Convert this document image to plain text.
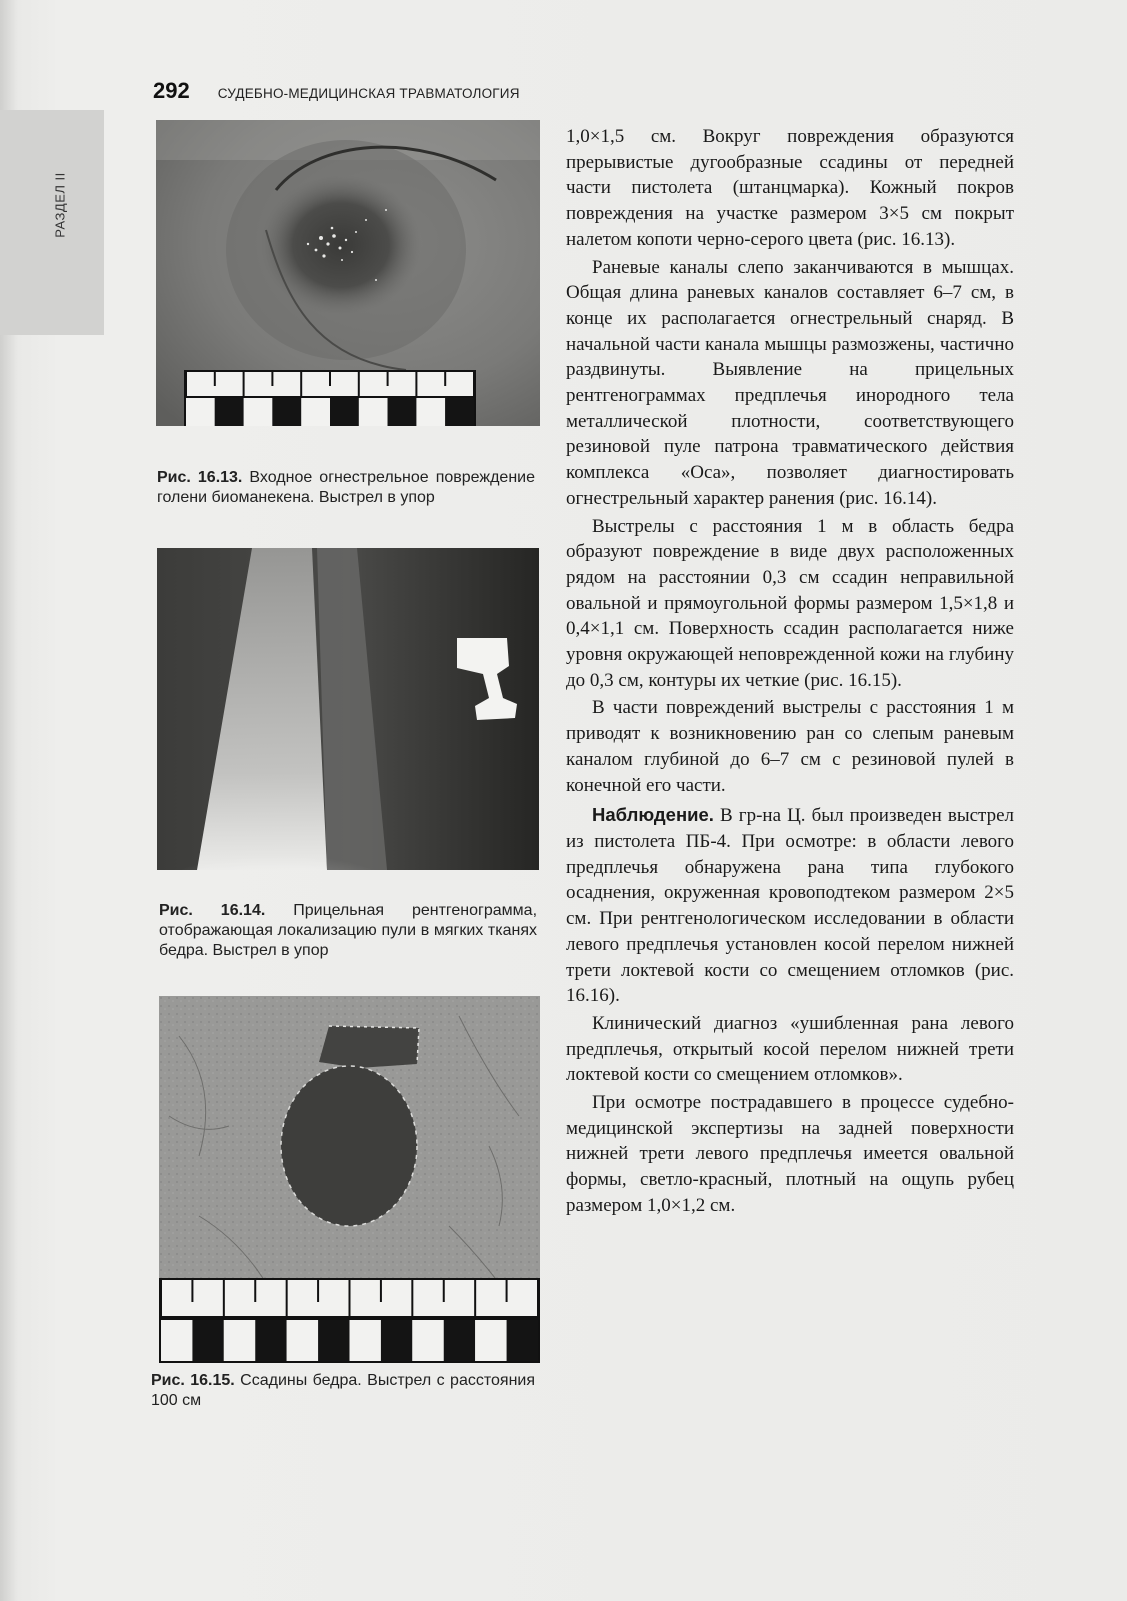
РАЗДЕЛ II
292 СУДЕБНО-МЕДИЦИНСКАЯ ТРАВМАТОЛОГИЯ
Рис. 16.13. Входное огнестрельное повреждение голени биоманекена. Выстрел в упор
Рис. 16.14. Прицельная рентгенограмма, отображающая локализацию пули в мягких тканях бедра. Выстрел в упор
Рис. 16.15. Ссадины бедра. Выстрел с расстояния 100 см

1,0×1,5 см. Вокруг повреждения образуются прерывистые дугообразные ссадины от передней части пистолета (штанцмарка). Кожный покров повреждения на участке размером 3×5 см покрыт налетом копоти черно-серого цвета (рис. 16.13).

Раневые каналы слепо заканчиваются в мышцах. Общая длина раневых каналов составляет 6–7 см, в конце их располагается огнестрельный снаряд. В начальной части канала мышцы размозжены, частично раздвинуты. Выявление на прицельных рентгенограммах предплечья инородного тела металлической плотности, соответствующего резиновой пуле патрона травматического действия комплекса «Оса», позволяет диагностировать огнестрельный характер ранения (рис. 16.14).

Выстрелы с расстояния 1 м в область бедра образуют повреждение в виде двух расположенных рядом на расстоянии 0,3 см ссадин неправильной овальной и прямоугольной формы размером 1,5×1,8 и 0,4×1,1 см. Поверхность ссадин располагается ниже уровня окружающей неповрежденной кожи на глубину до 0,3 см, контуры их четкие (рис. 16.15).

В части повреждений выстрелы с расстояния 1 м приводят к возникновению ран со слепым раневым каналом глубиной до 6–7 см с резиновой пулей в конечной его части.

Наблюдение. В гр-на Ц. был произведен выстрел из пистолета ПБ-4. При осмотре: в области левого предплечья обнаружена рана типа глубокого осаднения, окруженная кровоподтеком размером 2×5 см. При рентгенологическом исследовании в области левого предплечья установлен косой перелом нижней трети локтевой кости со смещением отломков (рис. 16.16).

Клинический диагноз «ушибленная рана левого предплечья, открытый косой перелом нижней трети локтевой кости со смещением отломков».

При осмотре пострадавшего в процессе судебно-медицинской экспертизы на задней поверхности нижней трети левого предплечья имеется овальной формы, светло-красный, плотный на ощупь рубец размером 1,0×1,2 см.
